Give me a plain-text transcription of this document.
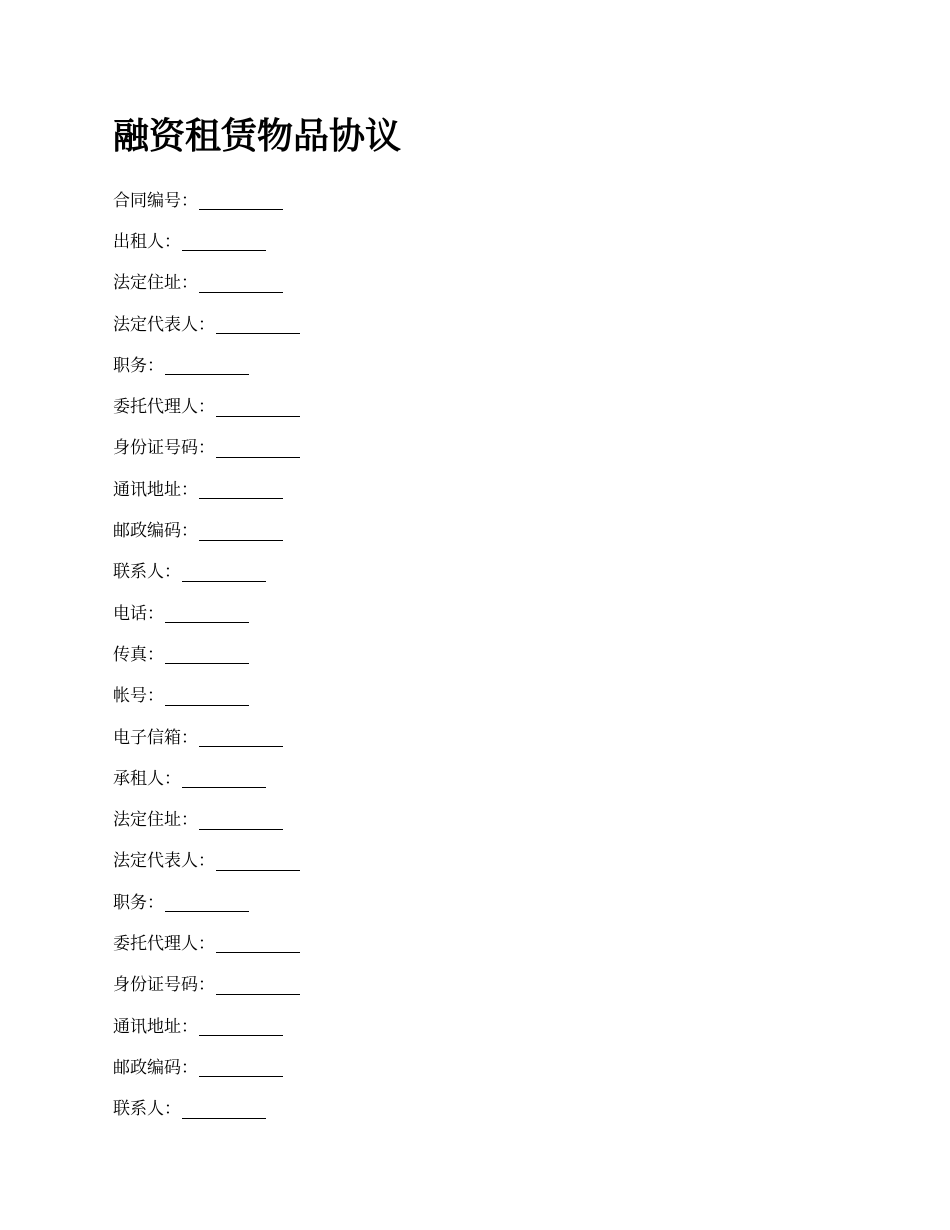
融资租赁物品协议
合同编号：
出租人：
法定住址：
法定代表人：
职务：
委托代理人：
身份证号码：
通讯地址：
邮政编码：
联系人：
电话：
传真：
帐号：
电子信箱：
承租人：
法定住址：
法定代表人：
职务：
委托代理人：
身份证号码：
通讯地址：
邮政编码：
联系人：
